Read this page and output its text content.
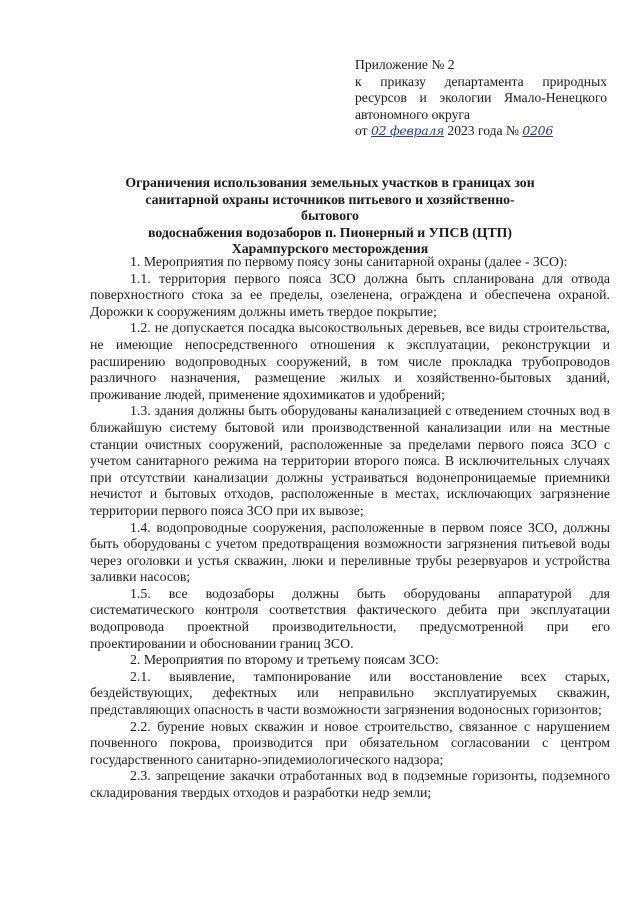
Приложение № 2
к приказу департамента природных
ресурсов и экологии Ямало-Ненецкого
автономного округа
от 02 февраля 2023 года № 0206
Ограничения использования земельных участков в границах зон
санитарной охраны источников питьевого и хозяйственно-бытового
водоснабжения водозаборов п. Пионерный и УПСВ (ЦТП)
Харампурского месторождения

1. Мероприятия по первому поясу зоны санитарной охраны (далее - ЗСО):

1.1. территория первого пояса ЗСО должна быть спланирована для отвода поверхностного стока за ее пределы, озеленена, ограждена и обеспечена охраной. Дорожки к сооружениям должны иметь твердое покрытие;

1.2. не допускается посадка высокоствольных деревьев, все виды строительства, не имеющие непосредственного отношения к эксплуатации, реконструкции и расширению водопроводных сооружений, в том числе прокладка трубопроводов различного назначения, размещение жилых и хозяйственно-бытовых зданий, проживание людей, применение ядохимикатов и удобрений;

1.3. здания должны быть оборудованы канализацией с отведением сточных вод в ближайшую систему бытовой или производственной канализации или на местные станции очистных сооружений, расположенные за пределами первого пояса ЗСО с учетом санитарного режима на территории второго пояса. В исключительных случаях при отсутствии канализации должны устраиваться водонепроницаемые приемники нечистот и бытовых отходов, расположенные в местах, исключающих загрязнение территории первого пояса ЗСО при их вывозе;

1.4. водопроводные сооружения, расположенные в первом поясе ЗСО, должны быть оборудованы с учетом предотвращения возможности загрязнения питьевой воды через оголовки и устья скважин, люки и переливные трубы резервуаров и устройства заливки насосов;

1.5. все водозаборы должны быть оборудованы аппаратурой для систематического контроля соответствия фактического дебита при эксплуатации водопровода проектной производительности, предусмотренной при его проектировании и обосновании границ ЗСО.

2. Мероприятия по второму и третьему поясам ЗСО:

2.1. выявление, тампонирование или восстановление всех старых, бездействующих, дефектных или неправильно эксплуатируемых скважин, представляющих опасность в части возможности загрязнения водоносных горизонтов;

2.2. бурение новых скважин и новое строительство, связанное с нарушением почвенного покрова, производится при обязательном согласовании с центром государственного санитарно-эпидемиологического надзора;

2.3. запрещение закачки отработанных вод в подземные горизонты, подземного складирования твердых отходов и разработки недр земли;
